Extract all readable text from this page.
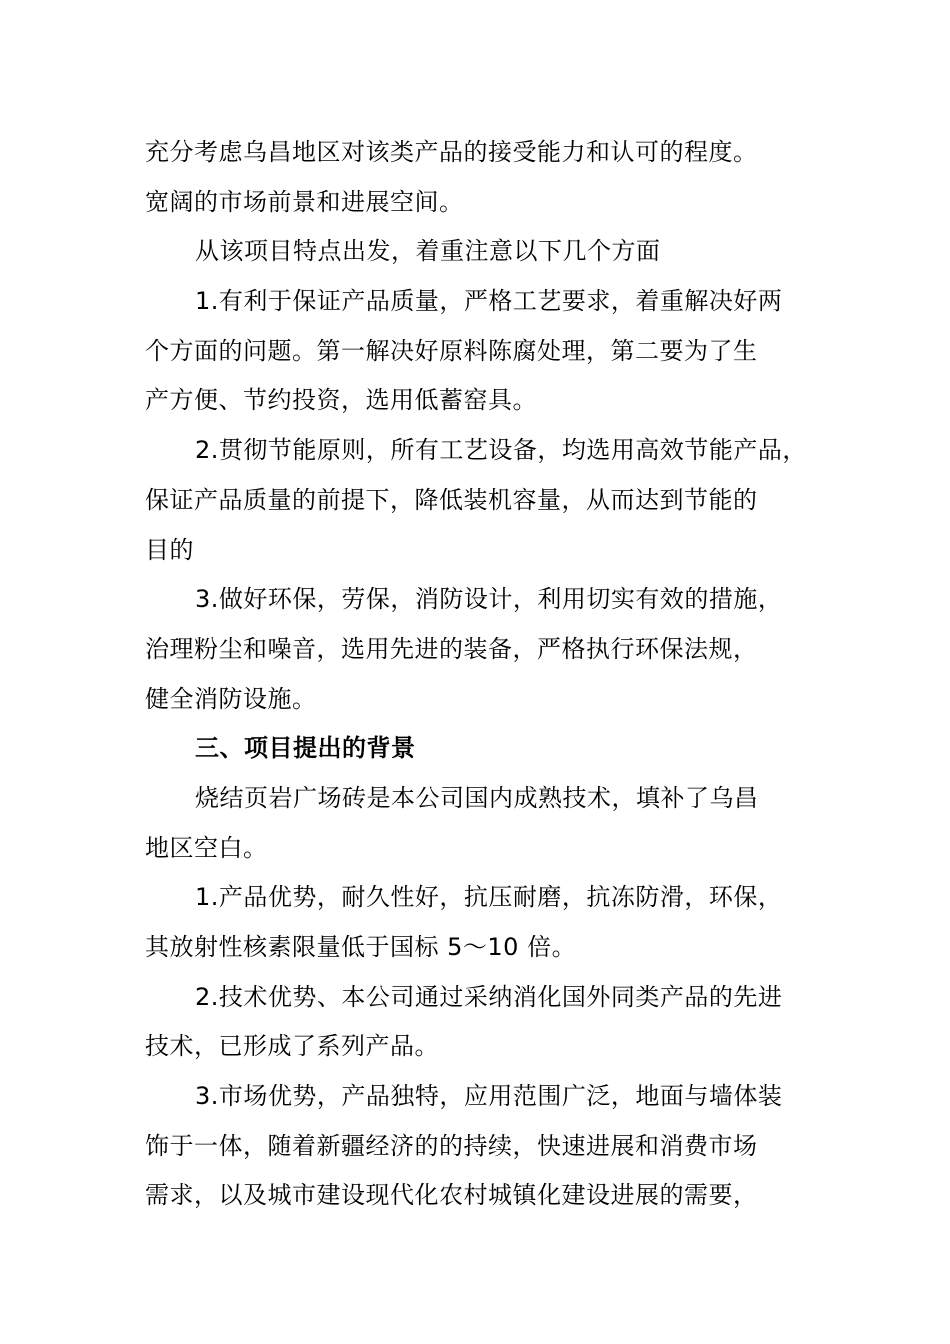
充分考虑乌昌地区对该类产品的接受能力和认可的程度。
宽阔的市场前景和进展空间。
从该项目特点出发，着重注意以下几个方面
1.有利于保证产品质量，严格工艺要求，着重解决好两
个方面的问题。第一解决好原料陈腐处理，第二要为了生
产方便、节约投资，选用低蓄窑具。
2.贯彻节能原则，所有工艺设备，均选用高效节能产品，
保证产品质量的前提下，降低装机容量，从而达到节能的
目的
3.做好环保，劳保，消防设计，利用切实有效的措施，
治理粉尘和噪音，选用先进的装备，严格执行环保法规，
健全消防设施。
三、项目提出的背景
烧结页岩广场砖是本公司国内成熟技术，填补了乌昌
地区空白。
1.产品优势，耐久性好，抗压耐磨，抗冻防滑，环保，
其放射性核素限量低于国标 5～10 倍。
2.技术优势、本公司通过采纳消化国外同类产品的先进
技术，已形成了系列产品。
3.市场优势，产品独特，应用范围广泛，地面与墙体装
饰于一体，随着新疆经济的的持续，快速进展和消费市场
需求，以及城市建设现代化农村城镇化建设进展的需要，
